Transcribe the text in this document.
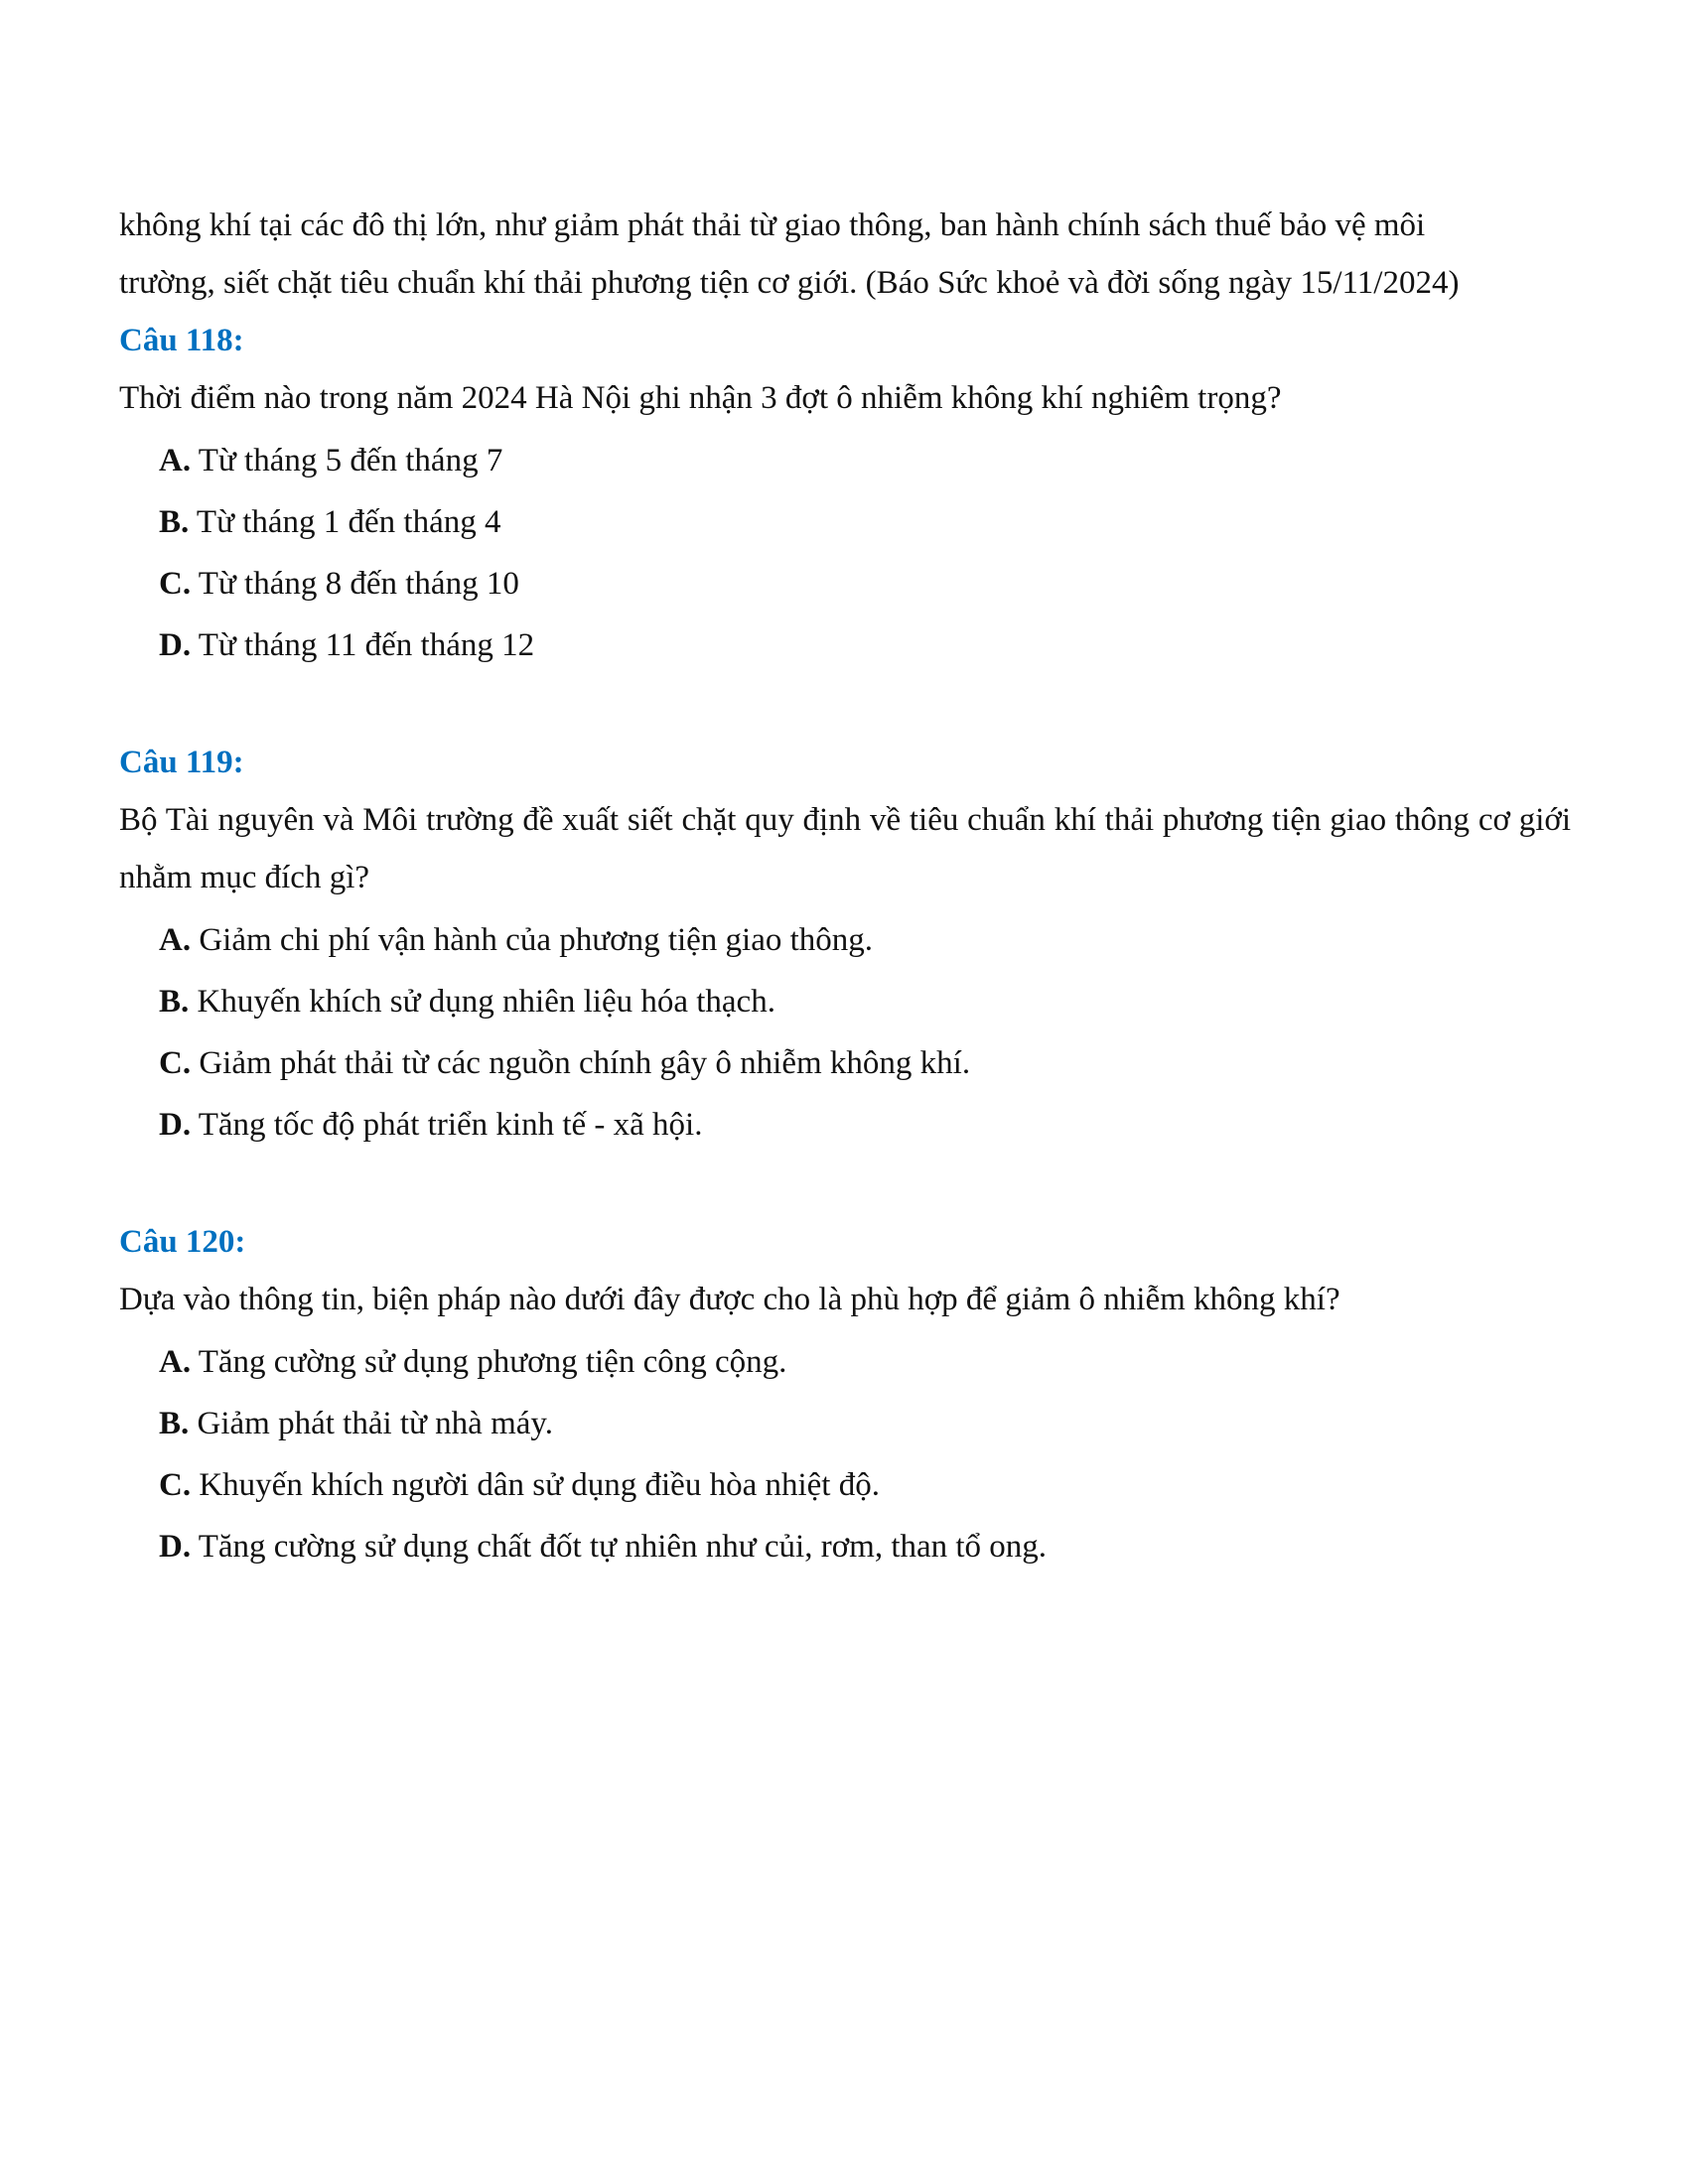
không khí tại các đô thị lớn, như giảm phát thải từ giao thông, ban hành chính sách thuế bảo vệ môi
trường, siết chặt tiêu chuẩn khí thải phương tiện cơ giới. (Báo Sức khoẻ và đời sống ngày 15/11/2024)
Câu 118:
Thời điểm nào trong năm 2024 Hà Nội ghi nhận 3 đợt ô nhiễm không khí nghiêm trọng?
A. Từ tháng 5 đến tháng 7
B. Từ tháng 1 đến tháng 4
C. Từ tháng 8 đến tháng 10
D. Từ tháng 11 đến tháng 12
Câu 119:
Bộ Tài nguyên và Môi trường đề xuất siết chặt quy định về tiêu chuẩn khí thải phương tiện giao thông cơ giới nhằm mục đích gì?
A. Giảm chi phí vận hành của phương tiện giao thông.
B. Khuyến khích sử dụng nhiên liệu hóa thạch.
C. Giảm phát thải từ các nguồn chính gây ô nhiễm không khí.
D. Tăng tốc độ phát triển kinh tế - xã hội.
Câu 120:
Dựa vào thông tin, biện pháp nào dưới đây được cho là phù hợp để giảm ô nhiễm không khí?
A. Tăng cường sử dụng phương tiện công cộng.
B. Giảm phát thải từ nhà máy.
C. Khuyến khích người dân sử dụng điều hòa nhiệt độ.
D. Tăng cường sử dụng chất đốt tự nhiên như củi, rơm, than tổ ong.
